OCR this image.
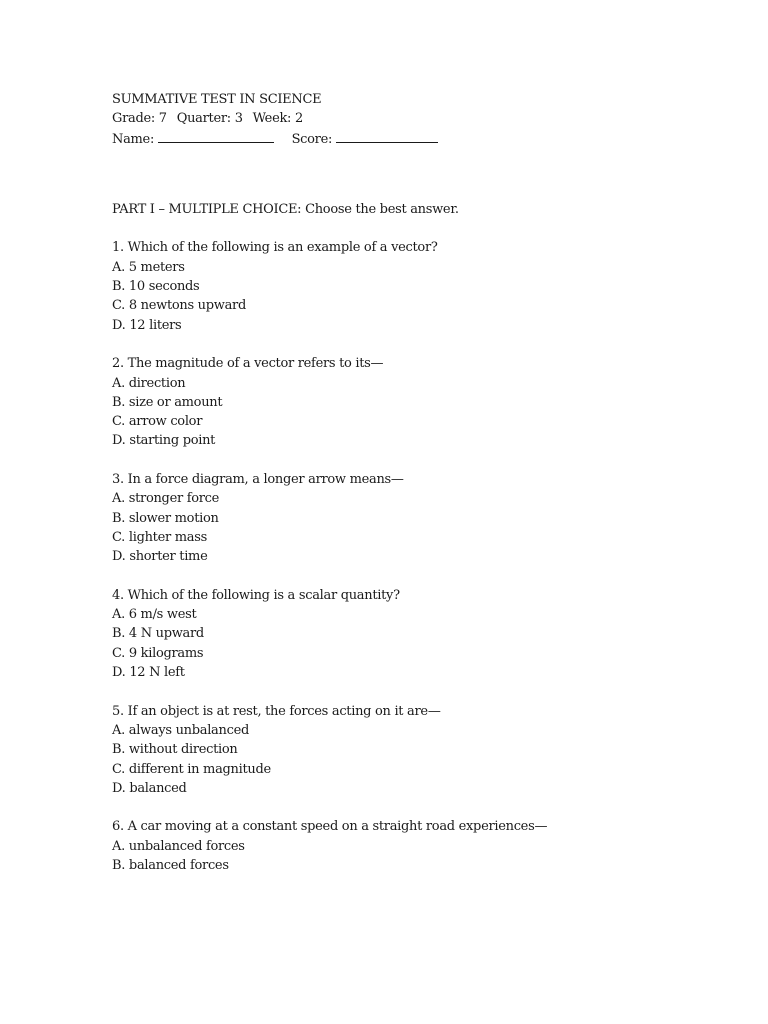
SUMMATIVE TEST IN SCIENCE
Grade: 7 Quarter: 3 Week: 2
Name:	Score:
PART I – MULTIPLE CHOICE: Choose the best answer.
1. Which of the following is an example of a vector?
A. 5 meters
B. 10 seconds
C. 8 newtons upward
D. 12 liters
2. The magnitude of a vector refers to its—
A. direction
B. size or amount
C. arrow color
D. starting point
3. In a force diagram, a longer arrow means—
A. stronger force
B. slower motion
C. lighter mass
D. shorter time
4. Which of the following is a scalar quantity?
A. 6 m/s west
B. 4 N upward
C. 9 kilograms
D. 12 N left
5. If an object is at rest, the forces acting on it are—
A. always unbalanced
B. without direction
C. different in magnitude
D. balanced
6. A car moving at a constant speed on a straight road experiences—
A. unbalanced forces
B. balanced forces
